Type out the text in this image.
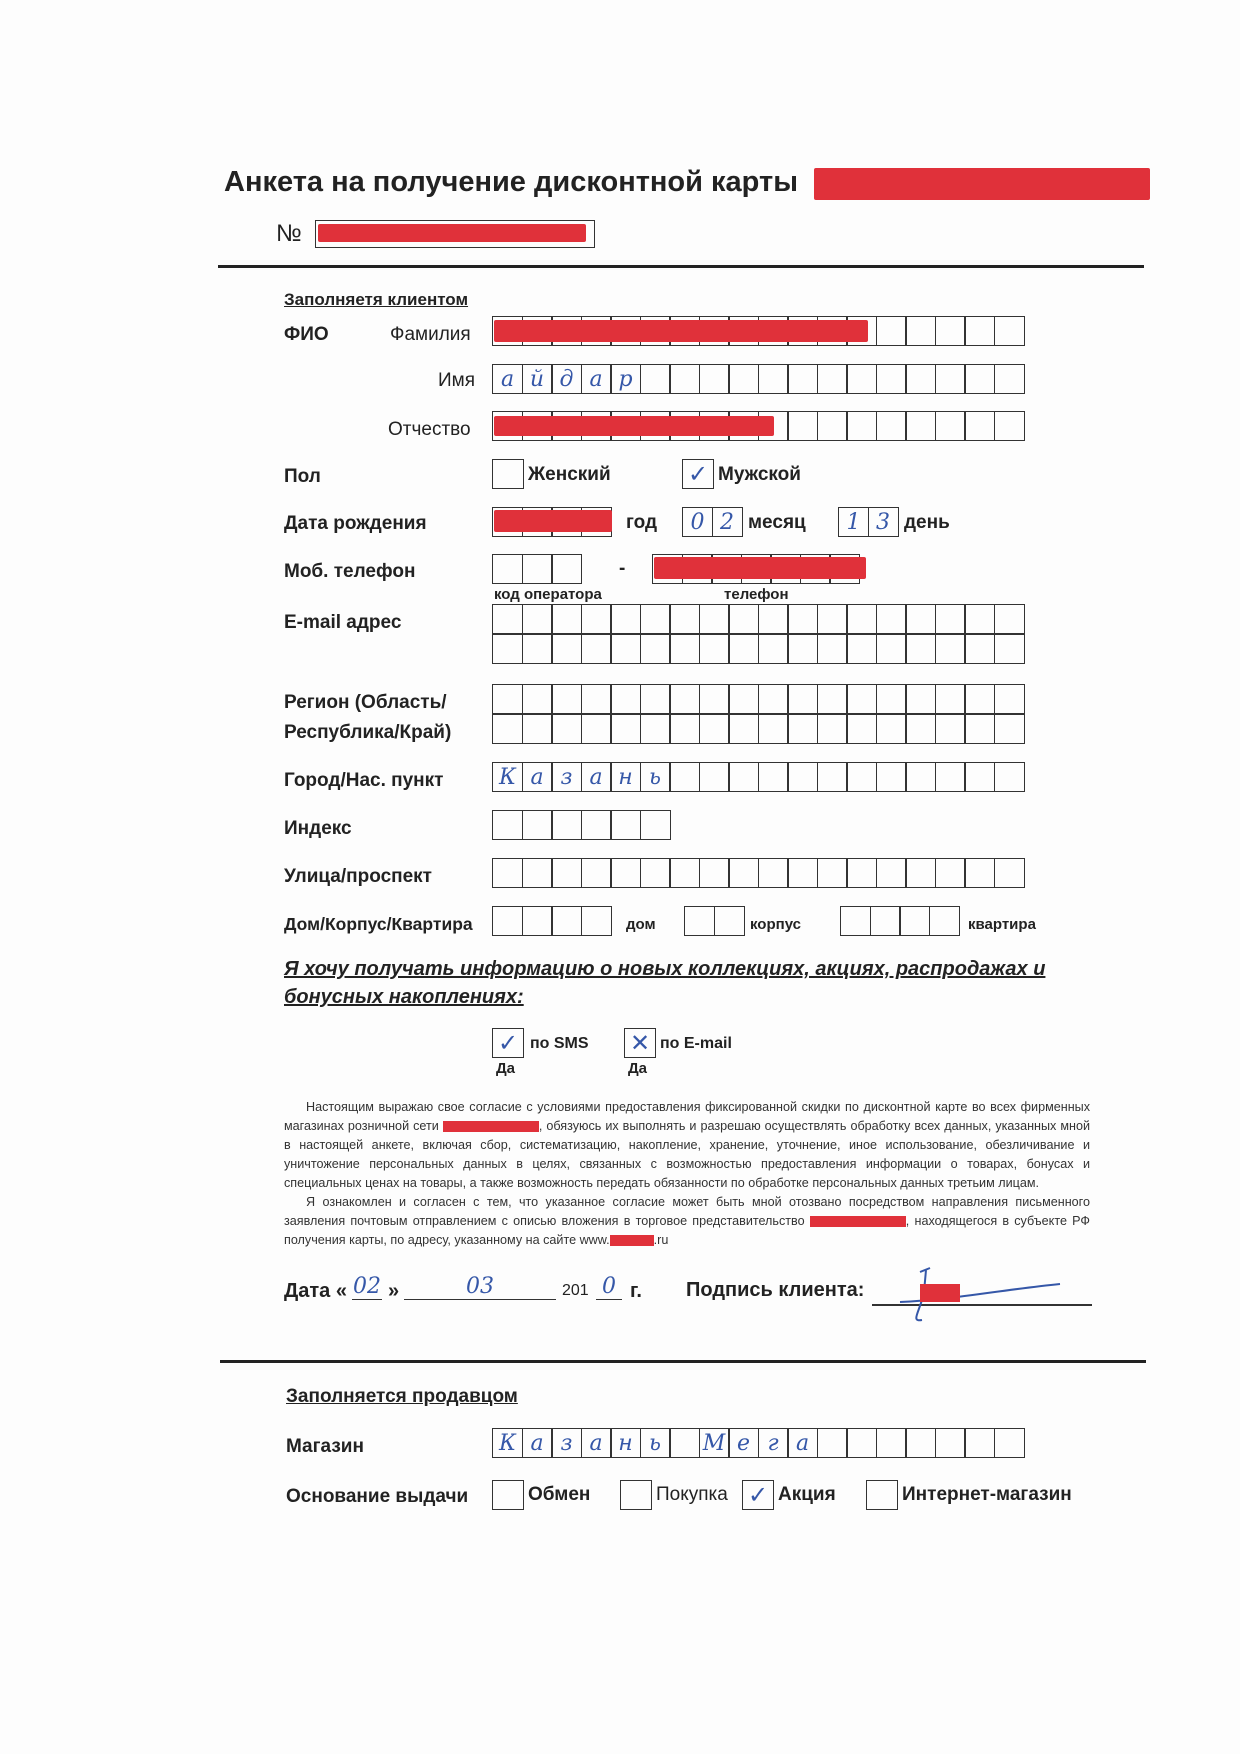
Анкета на получение дисконтной карты
№
Заполняетя клиентом
ФИО	Фамилия
Имя	а й д а р
Отчество
Пол	Женский	✓ Мужской
Дата рождения	год	0 2 месяц	1 3 день
Моб. телефон	-
код оператора	телефон
E-mail адрес
Регион (Область/
Республика/Край)
Город/Нас. пункт	К а з а н ь
Индекс
Улица/проспект
Дом/Корпус/Квартира	дом	корпус	квартира
Я хочу получать информацию о новых коллекциях, акциях, распродажах и
бонусных накоплениях:
✓ по SMS
Да
✕ по E-mail
Да

Настоящим выражаю свое согласие с условиями предоставления фиксированной скидки по дисконтной карте во всех фирменных магазинах розничной сети	, обязуюсь их выполнять и разрешаю осуществлять обработку всех данных, указанных мной в настоящей анкете, включая сбор, систематизацию, накопление, хранение, уточнение, иное использование, обезличивание и уничтожение персональных данных в целях, связанных с возможностью предоставления информации о товарах, бонусах и специальных ценах на товары, а также возможность передать обязанности по обработке персональных данных третьим лицам.

Я ознакомлен и согласен с тем, что указанное согласие может быть мной отозвано посредством направления письменного заявления почтовым отправлением с описью вложения в торговое представительство	, находящегося в субъекте РФ получения карты, по адресу, указанному на сайте www.	.ru

Дата « 02 »	03	201 0 г. Подпись клиента:
Заполняется продавцом
Магазин	К а з а н ь	М е г а
Основание выдачи	Обмен	Покупка ✓ Акция	Интернет-магазин
